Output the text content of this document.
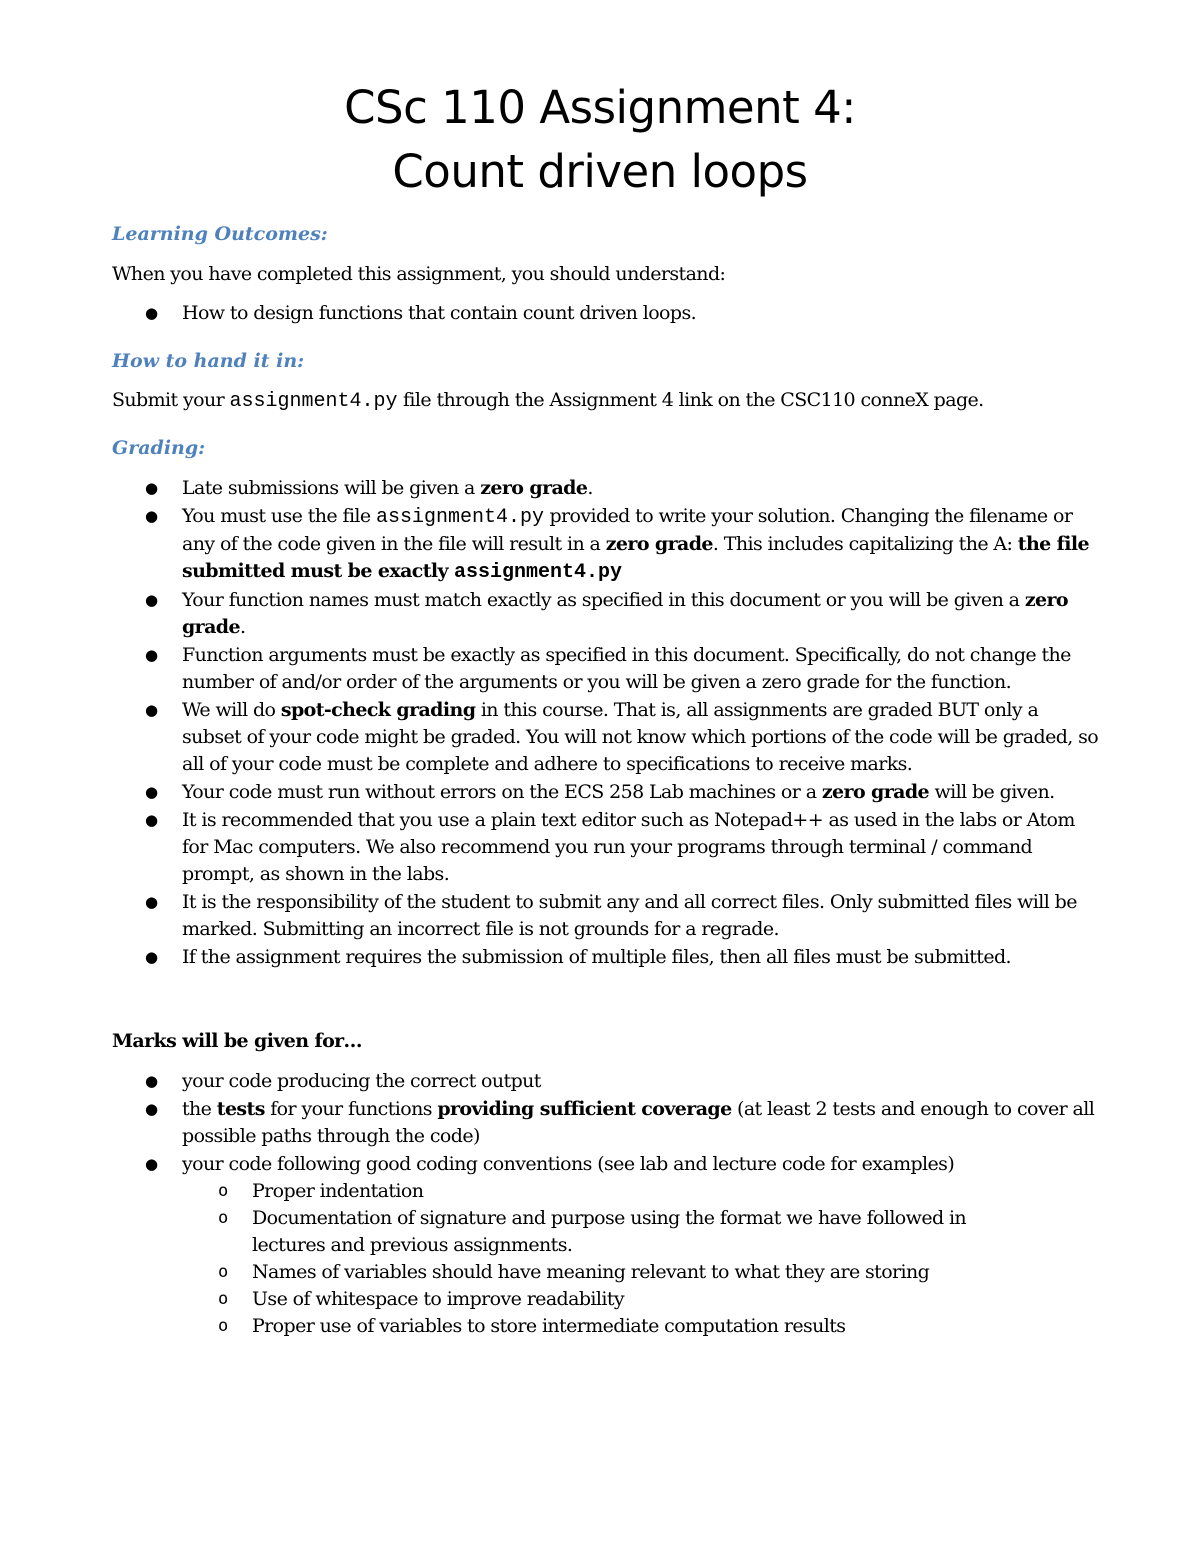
CSc 110 Assignment 4:
Count driven loops

Learning Outcomes:

When you have completed this assignment, you should understand:

● How to design functions that contain count driven loops.

How to hand it in:

Submit your assignment4.py file through the Assignment 4 link on the CSC110 conneX page.

Grading:

● Late submissions will be given a zero grade.
● You must use the file assignment4.py provided to write your solution. Changing the filename or any of the code given in the file will result in a zero grade. This includes capitalizing the A: the file submitted must be exactly assignment4.py
● Your function names must match exactly as specified in this document or you will be given a zero grade.
● Function arguments must be exactly as specified in this document. Specifically, do not change the number of and/or order of the arguments or you will be given a zero grade for the function.
● We will do spot-check grading in this course. That is, all assignments are graded BUT only a subset of your code might be graded. You will not know which portions of the code will be graded, so all of your code must be complete and adhere to specifications to receive marks.
● Your code must run without errors on the ECS 258 Lab machines or a zero grade will be given.
● It is recommended that you use a plain text editor such as Notepad++ as used in the labs or Atom for Mac computers. We also recommend you run your programs through terminal / command prompt, as shown in the labs.
● It is the responsibility of the student to submit any and all correct files. Only submitted files will be marked. Submitting an incorrect file is not grounds for a regrade.
● If the assignment requires the submission of multiple files, then all files must be submitted.

Marks will be given for…

● your code producing the correct output
● the tests for your functions providing sufficient coverage (at least 2 tests and enough to cover all possible paths through the code)
● your code following good coding conventions (see lab and lecture code for examples)
o Proper indentation
o Documentation of signature and purpose using the format we have followed in lectures and previous assignments.
o Names of variables should have meaning relevant to what they are storing
o Use of whitespace to improve readability
o Proper use of variables to store intermediate computation results
